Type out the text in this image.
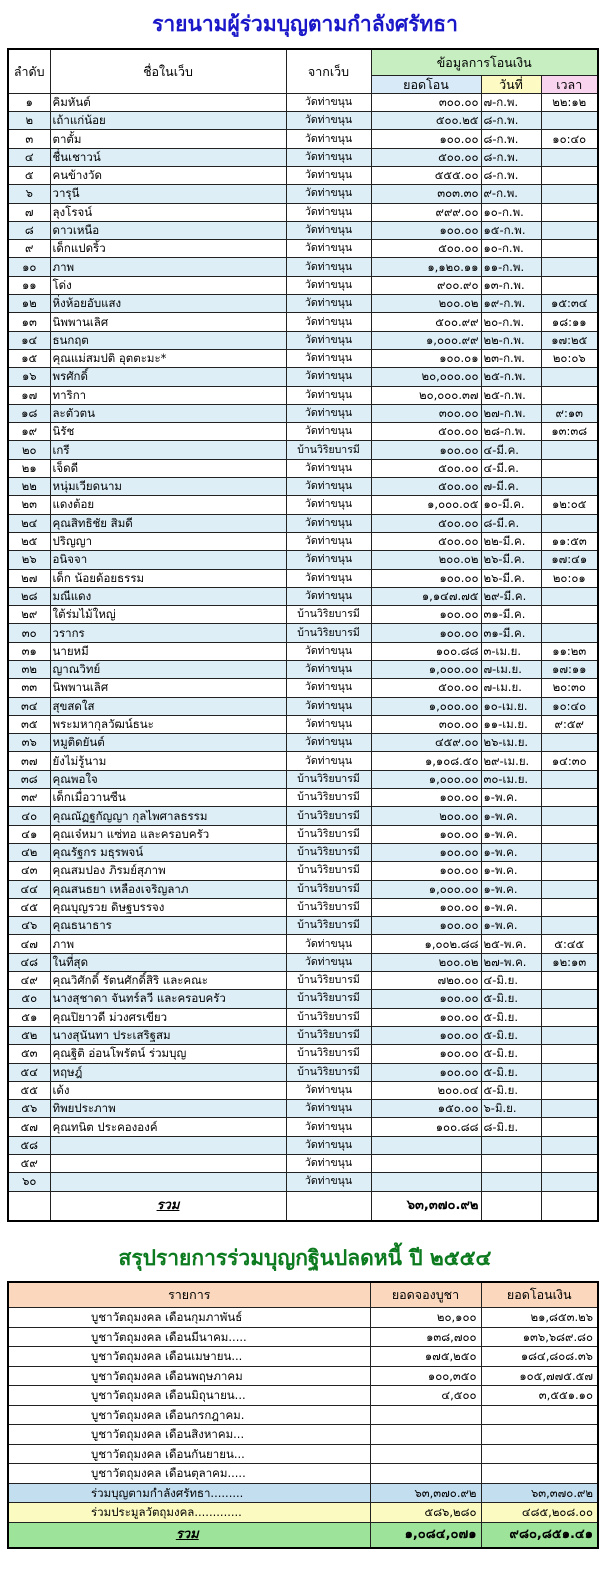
รายนามผู้ร่วมบุญตามกำลังศรัทธา
ลำดับ	ชื่อในเว็บ	จากเว็บ	ข้อมูลการโอนเงิน		
			ยอดโอน	วันที่	เวลา
๑	คิมหันต์	วัดท่าขนุน	๓๐๐.๐๐	๗-ก.พ.	๒๒:๑๒
๒	เถ้าแก่น้อย	วัดท่าขนุน	๕๐๐.๒๕	๘-ก.พ.	
๓	ตาตั้ม	วัดท่าขนุน	๑๐๐.๐๐	๘-ก.พ.	๑๐:๔๐
๔	ชื่นเชาวน์	วัดท่าขนุน	๕๐๐.๐๐	๘-ก.พ.	
๕	คนข้างวัด	วัดท่าขนุน	๕๕๕.๐๐	๘-ก.พ.	
๖	วารุนี	วัดท่าขนุน	๓๐๓.๓๐	๙-ก.พ.	
๗	ลุงโรจน์	วัดท่าขนุน	๙๙๙.๐๐	๑๐-ก.พ.	
๘	ดาวเหนือ	วัดท่าขนุน	๑๐๐.๐๐	๑๕-ก.พ.	
๙	เด็กแปดริ้ว	วัดท่าขนุน	๕๐๐.๐๐	๑๐-ก.พ.	
๑๐	ภาพ	วัดท่าขนุน	๑,๑๒๐.๑๑	๑๑-ก.พ.	
๑๑	โด่ง	วัดท่าขนุน	๙๐๐.๙๐	๑๓-ก.พ.	
๑๒	หิ่งห้อยอับแสง	วัดท่าขนุน	๒๐๐.๐๒	๑๙-ก.พ.	๑๕:๓๔
๑๓	นิพพานเลิศ	วัดท่าขนุน	๕๐๐.๙๙	๒๐-ก.พ.	๑๘:๑๑
๑๔	ธนกฤต	วัดท่าขนุน	๑,๐๐๐.๙๙	๒๒-ก.พ.	๑๗:๒๕
๑๕	คุณแม่สมปติ อุตตะมะ*	วัดท่าขนุน	๑๐๐.๐๑	๒๓-ก.พ.	๒๐:๐๖
๑๖	พรศักดิ์	วัดท่าขนุน	๒๐,๐๐๐.๐๐	๒๕-ก.พ.	
๑๗	ทาริกา	วัดท่าขนุน	๒๐,๐๐๐.๓๗	๒๕-ก.พ.	
๑๘	ละตัวตน	วัดท่าขนุน	๓๐๐.๐๐	๒๗-ก.พ.	๙:๑๓
๑๙	นิรัช	วัดท่าขนุน	๕๐๐.๐๐	๒๘-ก.พ.	๑๓:๓๘
๒๐	เกรี	บ้านวิริยบารมี	๑๐๐.๐๐	๔-มี.ค.	
๒๑	เจ็ดดี	วัดท่าขนุน	๕๐๐.๐๐	๔-มี.ค.	
๒๒	หนุ่มเวียดนาม	วัดท่าขนุน	๕๐๐.๐๐	๗-มี.ค.	
๒๓	แดงต้อย	วัดท่าขนุน	๑,๐๐๐.๐๕	๑๐-มี.ค.	๑๒:๐๕
๒๔	คุณสิทธิชัย สิมดี	วัดท่าขนุน	๕๐๐.๐๐	๘-มี.ค.	
๒๕	ปริญญา	วัดท่าขนุน	๕๐๐.๐๐	๒๒-มี.ค.	๑๑:๕๓
๒๖	อนิจจา	วัดท่าขนุน	๒๐๐.๐๒	๒๖-มี.ค.	๑๗:๔๑
๒๗	เด็ก น้อยด้อยธรรม	วัดท่าขนุน	๑๐๐.๐๐	๒๖-มี.ค.	๒๐:๐๑
๒๘	มณีแดง	วัดท่าขนุน	๑,๑๔๗.๗๕	๒๙-มี.ค.	
๒๙	ใต้ร่มไม้ใหญ่	บ้านวิริยบารมี	๑๐๐.๐๐	๓๑-มี.ค.	
๓๐	วรากร	บ้านวิริยบารมี	๑๐๐.๐๐	๓๑-มี.ค.	
๓๑	นายหมี	วัดท่าขนุน	๑๐๐.๘๘	๓-เม.ย.	๑๑:๒๓
๓๒	ญาณวิทย์	วัดท่าขนุน	๑,๐๐๐.๐๐	๗-เม.ย.	๑๗:๑๑
๓๓	นิพพานเลิศ	วัดท่าขนุน	๕๐๐.๐๐	๗-เม.ย.	๒๐:๓๐
๓๔	สุขสดใส	วัดท่าขนุน	๑,๐๐๐.๐๐	๑๐-เม.ย.	๑๐:๔๐
๓๕	พระมหากุลวัฒน์ธนะ	วัดท่าขนุน	๓๐๐.๐๐	๑๑-เม.ย.	๙:๕๙
๓๖	หมูติดยันต์	วัดท่าขนุน	๔๕๙.๐๐	๒๖-เม.ย.	
๓๗	ยังไม่รู้นาม	วัดท่าขนุน	๑,๑๐๘.๕๐	๒๙-เม.ย.	๑๔:๓๐
๓๘	คุณพอใจ	บ้านวิริยบารมี	๑,๐๐๐.๐๐	๓๐-เม.ย.	
๓๙	เด็กเมื่อวานซืน	บ้านวิริยบารมี	๑๐๐.๐๐	๑-พ.ค.	
๔๐	คุณณัฏฐกัญญา กุลไพศาลธรรม	บ้านวิริยบารมี	๒๐๐.๐๐	๑-พ.ค.	
๔๑	คุณเจ๋หมา แซ่ทอ และครอบครัว	บ้านวิริยบารมี	๑๐๐.๐๐	๑-พ.ค.	
๔๒	คุณรัฐกร มธุรพจน์	บ้านวิริยบารมี	๑๐๐.๐๐	๑-พ.ค.	
๔๓	คุณสมปอง ภิรมย์สุภาพ	บ้านวิริยบารมี	๑๐๐.๐๐	๑-พ.ค.	
๔๔	คุณสนธยา เหลืองเจริญลาภ	บ้านวิริยบารมี	๑,๐๐๐.๐๐	๑-พ.ค.	
๔๕	คุณบุญรวย ดิษฐบรรจง	บ้านวิริยบารมี	๑๐๐.๐๐	๑-พ.ค.	
๔๖	คุณธนาธาร	บ้านวิริยบารมี	๑๐๐.๐๐	๑-พ.ค.	
๔๗	ภาพ	วัดท่าขนุน	๑,๐๐๒.๘๘	๒๕-พ.ค.	๕:๔๕
๔๘	ในที่สุด	วัดท่าขนุน	๒๐๐.๐๒	๒๗-พ.ค.	๑๒:๑๓
๔๙	คุณวิศักดิ์ รัตนศักดิ์สิริ และคณะ	บ้านวิริยบารมี	๗๒๐.๐๐	๔-มิ.ย.	
๕๐	นางสุชาดา จันทร์ลวี และครอบครัว	บ้านวิริยบารมี	๑๐๐.๐๐	๕-มิ.ย.	
๕๑	คุณปิยาวดี ม่วงศรเขียว	บ้านวิริยบารมี	๑๐๐.๐๐	๕-มิ.ย.	
๕๒	นางสุนันทา ประเสริฐสม	บ้านวิริยบารมี	๑๐๐.๐๐	๕-มิ.ย.	
๕๓	คุณฐิติ อ่อนโพรัตน์ ร่วมบุญ	บ้านวิริยบารมี	๑๐๐.๐๐	๕-มิ.ย.	
๕๔	หฤษฎ์	บ้านวิริยบารมี	๑๐๐.๐๐	๕-มิ.ย.	
๕๕	เด้ง	วัดท่าขนุน	๒๐๐.๐๔	๕-มิ.ย.	
๕๖	ทิพยประภาพ	วัดท่าขนุน	๑๕๐.๐๐	๖-มิ.ย.	
๕๗	คุณทนิต ประคององค์	วัดท่าขนุน	๑๐๐.๘๘	๘-มิ.ย.	
๕๘		วัดท่าขนุน			
๕๙		วัดท่าขนุน			
๖๐		วัดท่าขนุน			
	รวม		๖๓,๓๗๐.๙๒		
สรุปรายการร่วมบุญกฐินปลดหนี้ ปี ๒๕๕๔
รายการ	ยอดจองบูชา	ยอดโอนเงิน
บูชาวัตถุมงคล เดือนกุมภาพันธ์	๒๐,๑๐๐	๒๑,๘๕๓.๒๖
บูชาวัตถุมงคล เดือนมีนาคม.....	๑๓๘,๗๐๐	๑๓๖,๖๘๙.๘๐
บูชาวัตถุมงคล เดือนเมษายน...	๑๗๕,๒๕๐	๑๘๔,๘๐๘.๓๖
บูชาวัตถุมงคล เดือนพฤษภาคม	๑๐๐,๓๕๐	๑๐๕,๗๗๕.๕๗
บูชาวัตถุมงคล เดือนมิถุนายน...	๔,๕๐๐	๓,๕๕๑.๑๐
บูชาวัตถุมงคล เดือนกรกฎาคม.		
บูชาวัตถุมงคล เดือนสิงหาคม...		
บูชาวัตถุมงคล เดือนกันยายน...		
บูชาวัตถุมงคล เดือนตุลาคม.....		
ร่วมบุญตามกำลังศรัทธา.........	๖๓,๓๗๐.๙๒	๖๓,๓๗๐.๙๒
ร่วมประมูลวัตถุมงคล.............	๕๘๖,๒๘๐	๔๘๕,๒๐๘.๐๐
รวม	๑,๐๘๔,๐๗๑	๙๘๐,๘๕๑.๔๑
